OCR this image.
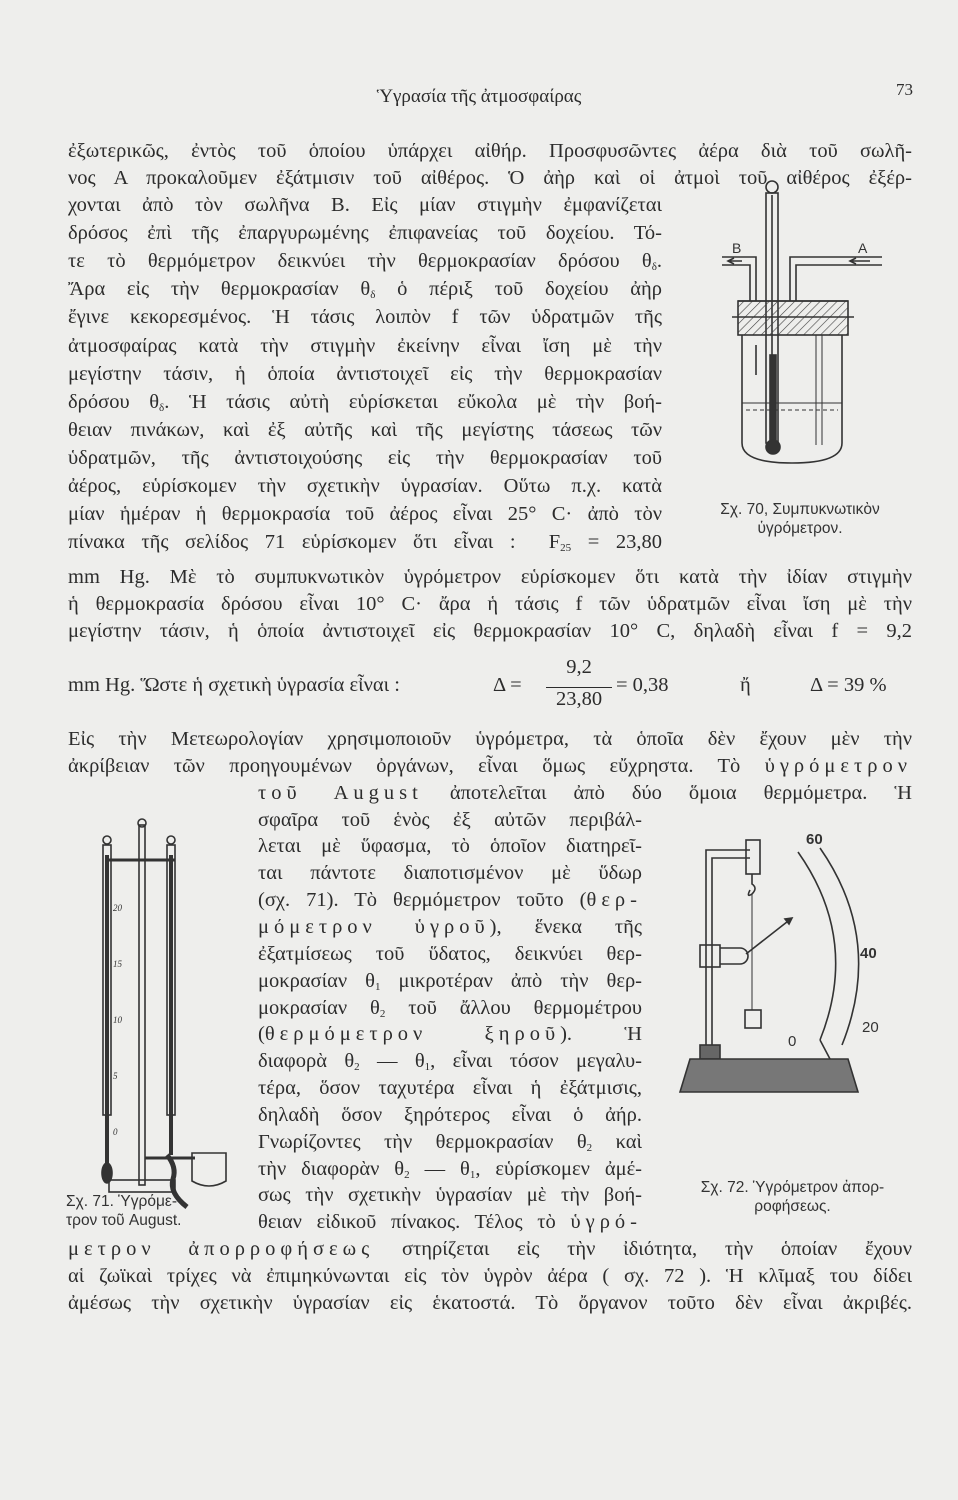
Ὑγρασία τῆς ἀτμοσφαίρας	73
ἐξωτερικῶς, ἐντὸς τοῦ ὁποίου ὑπάρχει αἰθήρ. Προσφυσῶντες ἀέρα διὰ τοῦ σωλῆ-
νος Α προκαλοῦμεν ἐξάτμισιν τοῦ αἰθέρος. Ὁ ἀὴρ καὶ οἱ ἀτμοὶ τοῦ αἰθέρος ἐξέρ-
χονται ἀπὸ τὸν σωλῆνα Β. Εἰς μίαν στιγμὴν ἐμφανίζεται
δρόσος ἐπὶ τῆς ἐπαργυρωμένης ἐπιφανείας τοῦ δοχείου. Τό-
τε τὸ θερμόμετρον δεικνύει τὴν θερμοκρασίαν δρόσου $\theta_\delta$.
Ἄρα εἰς τὴν θερμοκρασίαν $\theta_\delta$ ὁ πέριξ τοῦ δοχείου ἀὴρ
ἔγινε κεκορεσμένος. Ἡ τάσις λοιπὸν f τῶν ὑδρατμῶν τῆς
ἀτμοσφαίρας κατὰ τὴν στιγμὴν ἐκείνην εἶναι ἴση μὲ τὴν
μεγίστην τάσιν, ἡ ὁποία ἀντιστοιχεῖ εἰς τὴν θερμοκρασίαν
δρόσου $\theta_\delta$. Ἡ τάσις αὐτὴ εὑρίσκεται εὔκολα μὲ τὴν βοή-
θειαν πινάκων, καὶ ἐξ αὐτῆς καὶ τῆς μεγίστης τάσεως τῶν
ὑδρατμῶν, τῆς ἀντιστοιχούσης εἰς τὴν θερμοκρασίαν τοῦ
ἀέρος, εὑρίσκομεν τὴν σχετικὴν ὑγρασίαν. Οὕτω π.χ. κατὰ
μίαν ἡμέραν ἡ θερμοκρασία τοῦ ἀέρος εἶναι 25° C· ἀπὸ τὸν
πίνακα τῆς σελίδος 71 εὑρίσκομεν ὅτι εἶναι :  $F_{25} = 23,80$
mm Hg. Μὲ τὸ συμπυκνωτικὸν ὑγρόμετρον εὑρίσκομεν ὅτι κατὰ τὴν ἰδίαν στιγμὴν
ἡ θερμοκρασία δρόσου εἶναι 10° C· ἄρα ἡ τάσις f τῶν ὑδρατμῶν εἶναι ἴση μὲ τὴν
μεγίστην τάσιν, ἡ ὁποία ἀντιστοιχεῖ εἰς θερμοκρασίαν 10° C, δηλαδὴ εἶναι f = 9,2
Εἰς τὴν Μετεωρολογίαν χρησιμοποιοῦν ὑγρόμετρα, τὰ ὁποῖα δὲν ἔχουν μὲν τὴν
ἀκρίβειαν τῶν προηγουμένων ὀργάνων, εἶναι ὅμως εὔχρηστα. Τὸ ὑγρόμετρον
τοῦ August ἀποτελεῖται ἀπὸ δύο ὅμοια θερμόμετρα. Ἡ
σφαῖρα τοῦ ἑνὸς ἐξ αὐτῶν περιβάλ-
λεται μὲ ὕφασμα, τὸ ὁποῖον διατηρεῖ-
ται πάντοτε διαποτισμένον μὲ ὕδωρ
(σχ. 71). Τὸ θερμόμετρον τοῦτο (θερ-
μόμετρον ὑγροῦ), ἕνεκα τῆς
ἐξατμίσεως τοῦ ὕδατος, δεικνύει θερ-
μοκρασίαν $\theta_1$ μικροτέραν ἀπὸ τὴν θερ-
μοκρασίαν $\theta_2$ τοῦ ἄλλου θερμομέτρου
(θερμόμετρον ξηροῦ). Ἡ
διαφορὰ $\theta_2$ — $\theta_1$, εἶναι τόσον μεγαλυ-
τέρα, ὅσον ταχυτέρα εἶναι ἡ ἐξάτμισις,
δηλαδὴ ὅσον ξηρότερος εἶναι ὁ ἀήρ.
Γνωρίζοντες τὴν θερμοκρασίαν $\theta_2$ καὶ
τὴν διαφορὰν $\theta_2$ — $\theta_1$, εὑρίσκομεν ἀμέ-
σως τὴν σχετικὴν ὑγρασίαν μὲ τὴν βοή-
θειαν εἰδικοῦ πίνακος. Τέλος τὸ ὑγρό-
μετρον ἀπορροφήσεως στηρίζεται εἰς τὴν ἰδιότητα, τὴν ὁποίαν ἔχουν
αἱ ζωϊκαὶ τρίχες νὰ ἐπιμηκύνωνται εἰς τὸν ὑγρὸν ἀέρα ( σχ. 72 ). Ἡ κλῖμαξ του δίδει
ἀμέσως τὴν σχετικὴν ὑγρασίαν εἰς ἑκατοστά. Τὸ ὄργανον τοῦτο δὲν εἶναι ἀκριβές.
mm Hg. Ὥστε ἡ σχετικὴ ὑγρασία εἶναι :	Δ =
9,2
23,80
= 0,38	ἤ	Δ = 39 %
B	A
Σχ. 70, Συμπυκνωτικὸν
ὑγρόμετρον.
20
15
10
5
0
Σχ. 71. Ὑγρόμε-
τρον τοῦ August.
60
40
20
0
Σχ. 72. Ὑγρόμετρον ἀπορ-
ροφήσεως.
